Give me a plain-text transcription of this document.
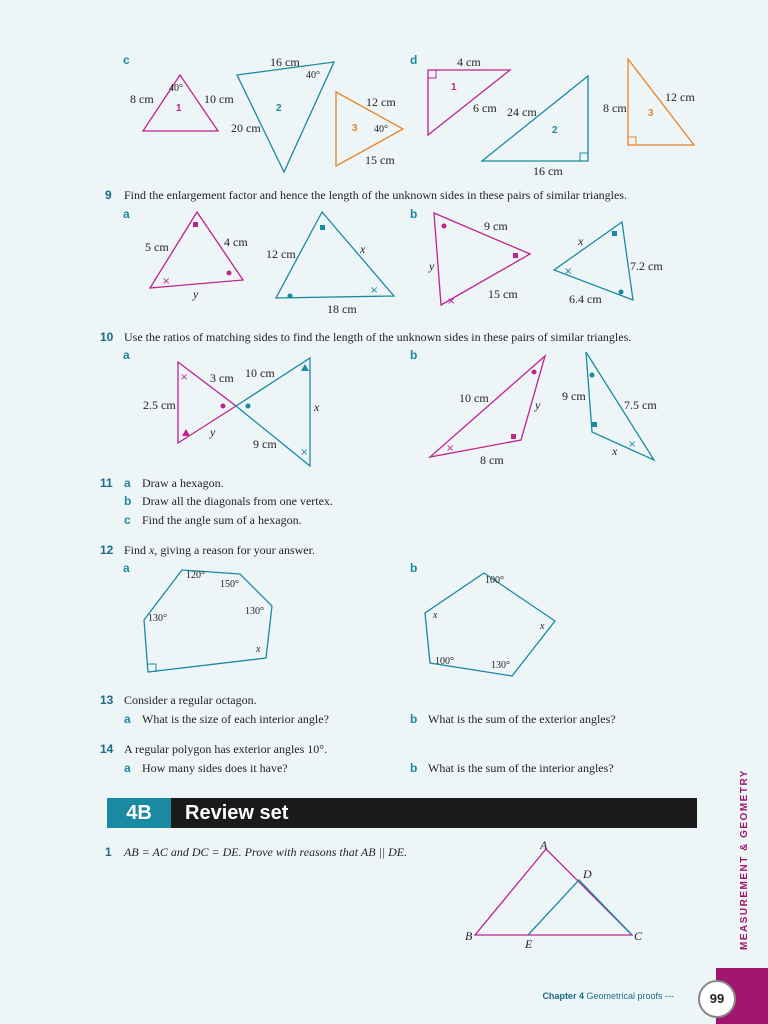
c	d
8 cm
40°
10 cm
1
16 cm
40°
20 cm
2	12 cm
40°
15 cm
3
4 cm
6 cm
1
24 cm
16 cm
2
8 cm
12 cm
3
9 Find the enlargement factor and hence the length of the unknown sides in these pairs of similar triangles.
a	b
×
×
×
×
5 cm	4 cm
y
12 cm	x
18 cm
9 cm
y
15 cm
x
7.2 cm
6.4 cm
10 Use the ratios of matching sides to find the length of the unknown sides in these pairs of similar triangles.
a	b
×
×	×	×
3 cm 10 cm
2.5 cm	x
y
9 cm
10 cm	y
8 cm
9 cm
7.5 cm
x
11 a Draw a hexagon.
b Draw all the diagonals from one vertex.
c Find the angle sum of a hexagon.
12 Find x, giving a reason for your answer.
a	b
120°
150°
130°
130°
x
100°
x
x
100°	130°
13 Consider a regular octagon.
a What is the size of each interior angle?	b What is the sum of the exterior angles?
14 A regular polygon has exterior angles 10°.
a How many sides does it have?	b What is the sum of the interior angles?
4B	Review set
1 AB = AC and DC = DE. Prove with reasons that AB || DE.	A
B	C
D
E	MEASUREMENT & GEOMETRY
Chapter 4 Geometrical proofs ---	99
